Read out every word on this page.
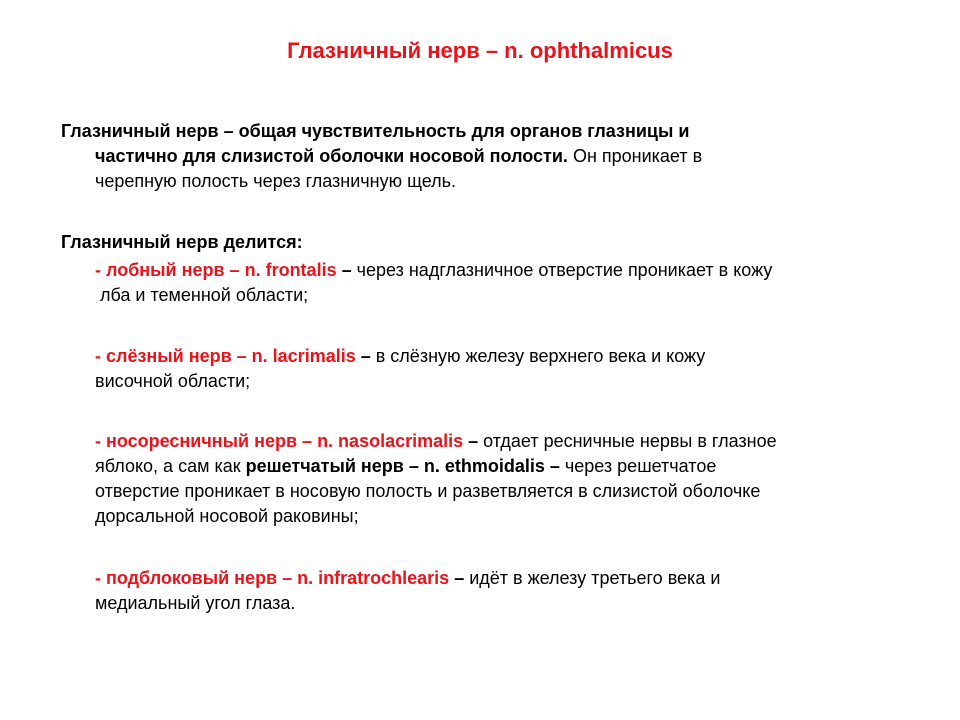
Глазничный нерв – n. ophthalmicus
Глазничный нерв – общая чувствительность для органов глазницы и
частично для слизистой оболочки носовой полости. Он проникает в
черепную полость через глазничную щель.
Глазничный нерв делится:
- лобный нерв – n. frontalis – через надглазничное отверстие проникает в кожу
лба и теменной области;
- слёзный нерв – n. lacrimalis – в слёзную железу верхнего века и кожу
височной области;
- носоресничный нерв – n. nasolacrimalis – отдает ресничные нервы в глазное
яблоко, а сам как решетчатый нерв – n. ethmoidalis – через решетчатое
отверстие проникает в носовую полость и разветвляется в слизистой оболочке
дорсальной носовой раковины;
- подблоковый нерв – n. infratrochlearis – идёт в железу третьего века и
медиальный угол глаза.
